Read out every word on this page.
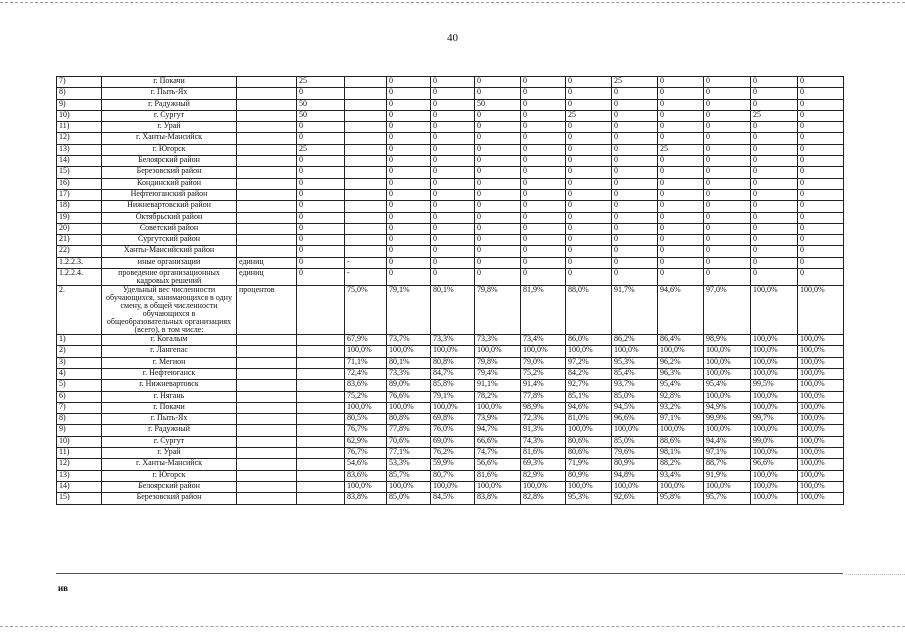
40
7)	г. Покачи		25		0	0	0	0	0	25	0	0	0	0
8)	г. Пыть-Ях		0		0	0	0	0	0	0	0	0	0	0
9)	г. Радужный		50		0	0	50	0	0	0	0	0	0	0
10)	г. Сургут		50		0	0	0	0	25	0	0	0	25	0
11)	г. Урай		0		0	0	0	0	0	0	0	0	0	0
12)	г. Ханты-Мансийск		0		0	0	0	0	0	0	0	0	0	0
13)	г. Югорск		25		0	0	0	0	0	0	25	0	0	0
14)	Белоярский район		0		0	0	0	0	0	0	0	0	0	0
15)	Березовский район		0		0	0	0	0	0	0	0	0	0	0
16)	Кондинский район		0		0	0	0	0	0	0	0	0	0	0
17)	Нефтеюганский район		0		0	0	0	0	0	0	0	0	0	0
18)	Нижневартовский район		0		0	0	0	0	0	0	0	0	0	0
19)	Октябрьский район		0		0	0	0	0	0	0	0	0	0	0
20)	Советский район		0		0	0	0	0	0	0	0	0	0	0
21)	Сургутский район		0		0	0	0	0	0	0	0	0	0	0
22)	Ханты-Мансийский район		0		0	0	0	0	0	0	0	0	0	0
1.2.2.3.	иные организации	единиц	0	-	0	0	0	0	0	0	0	0	0	0
1.2.2.4.	проведение организационных кадровых решений	единиц	0	-	0	0	0	0	0	0	0	0	0	0
2.	Удельный вес численности обучающихся, занимающихся в одну смену, в общей численности обучающихся в общеобразовательных организациях (всего), в том числе:	процентов		75,0%	79,1%	80,1%	79,8%	81,9%	88,0%	91,7%	94,6%	97,0%	100,0%	100,0%
1)	г. Когалым			67,9%	73,7%	73,3%	73,3%	73,4%	86,0%	86,2%	86,4%	98,9%	100,0%	100,0%
2)	г. Лангепас			100,0%	100,0%	100,0%	100,0%	100,0%	100,0%	100,0%	100,0%	100,0%	100,0%	100,0%
3)	г. Мегион			71,1%	80,1%	80,8%	79,8%	79,0%	97,2%	95,3%	96,2%	100,0%	100,0%	100,0%
4)	г. Нефтеюганск			72,4%	73,3%	84,7%	79,4%	75,2%	84,2%	85,4%	96,3%	100,0%	100,0%	100,0%
5)	г. Нижневартовск			83,6%	89,0%	85,8%	91,1%	91,4%	92,7%	93,7%	95,4%	95,4%	99,5%	100,0%
6)	г. Нягань			75,2%	76,6%	79,1%	78,2%	77,8%	85,1%	85,0%	92,8%	100,0%	100,0%	100,0%
7)	г. Покачи			100,0%	100,0%	100,0%	100,0%	98,9%	94,6%	94,5%	93,2%	94,9%	100,0%	100,0%
8)	г. Пыть-Ях			80,5%	80,8%	69,8%	73,9%	72,3%	81,0%	96,6%	97,1%	99,9%	99,7%	100,0%
9)	г. Радужный			76,7%	77,8%	76,0%	94,7%	91,3%	100,0%	100,0%	100,0%	100,0%	100,0%	100,0%
10)	г. Сургут			62,9%	70,6%	69,0%	66,6%	74,3%	80,6%	85,0%	88,6%	94,4%	99,0%	100,0%
11)	г. Урай			76,7%	77,1%	76,2%	74,7%	81,6%	80,6%	79,6%	98,1%	97,1%	100,0%	100,0%
12)	г. Ханты-Мансийск			54,6%	53,3%	59,9%	56,6%	69,3%	71,9%	80,9%	88,2%	88,7%	96,6%	100,0%
13)	г. Югорск			83,6%	85,7%	80,7%	81,6%	82,9%	80,9%	94,8%	93,4%	91,9%	100,0%	100,0%
14)	Белоярский район			100,0%	100,0%	100,0%	100,0%	100,0%	100,0%	100,0%	100,0%	100,0%	100,0%	100,0%
15)	Березовский район			83,8%	85,0%	84,5%	83,8%	82,8%	95,3%	92,6%	95,8%	95,7%	100,0%	100,0%
ив
